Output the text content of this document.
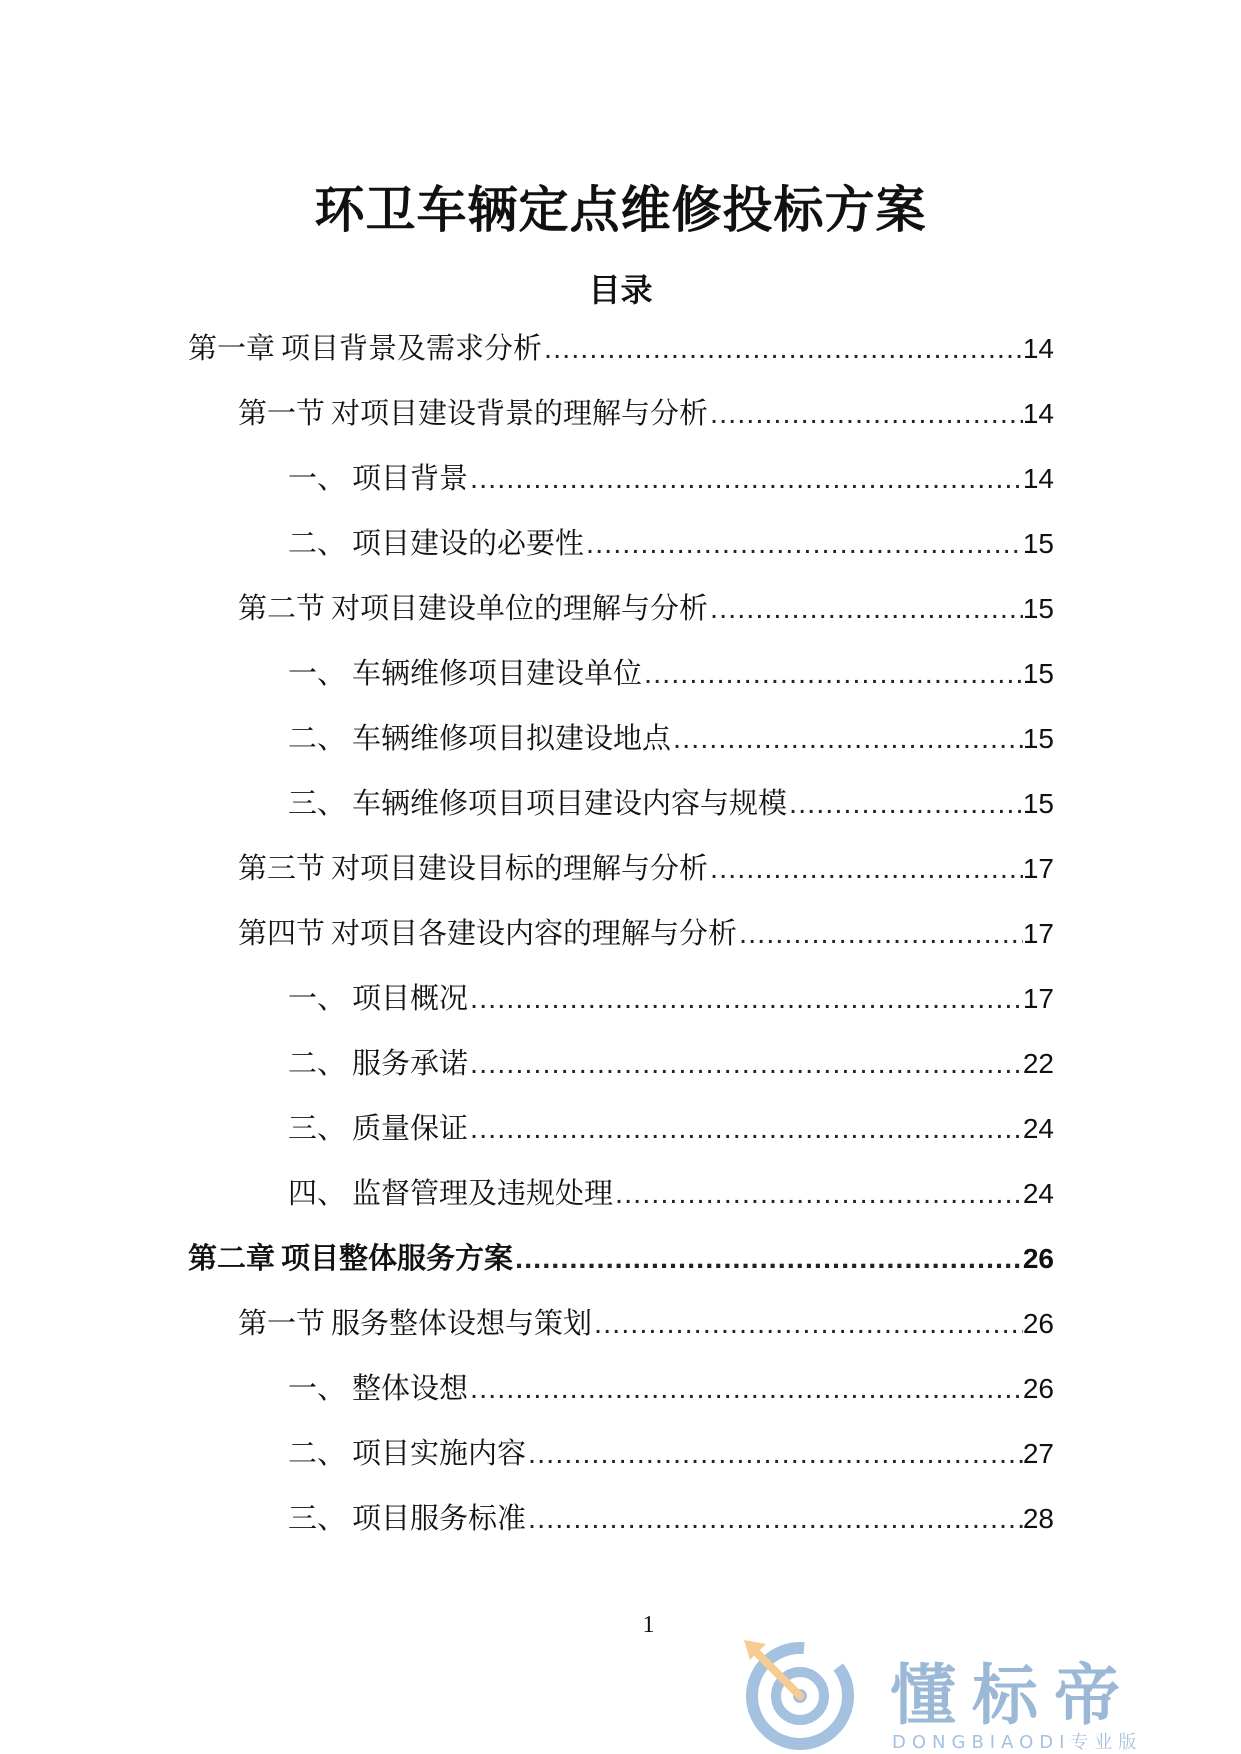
环卫车辆定点维修投标方案
目录
第一章 项目背景及需求分析 .....	14
第一节 对项目建设背景的理解与分析 .....	14
一、 项目背景 .....	14
二、 项目建设的必要性 .....	15
第二节 对项目建设单位的理解与分析 .....	15
一、 车辆维修项目建设单位 .....	15
二、 车辆维修项目拟建设地点 .....	15
三、 车辆维修项目项目建设内容与规模 .....	15
第三节 对项目建设目标的理解与分析 .....	17
第四节 对项目各建设内容的理解与分析 .....	17
一、 项目概况 .....	17
二、 服务承诺 .....	22
三、 质量保证 .....	24
四、 监督管理及违规处理 .....	24
第二章 项目整体服务方案 .....	26
第一节 服务整体设想与策划 .....	26
一、 整体设想 .....	26
二、 项目实施内容 .....	27
三、 项目服务标准 .....	28
1
懂标帝
DONGBIAODI专业版
